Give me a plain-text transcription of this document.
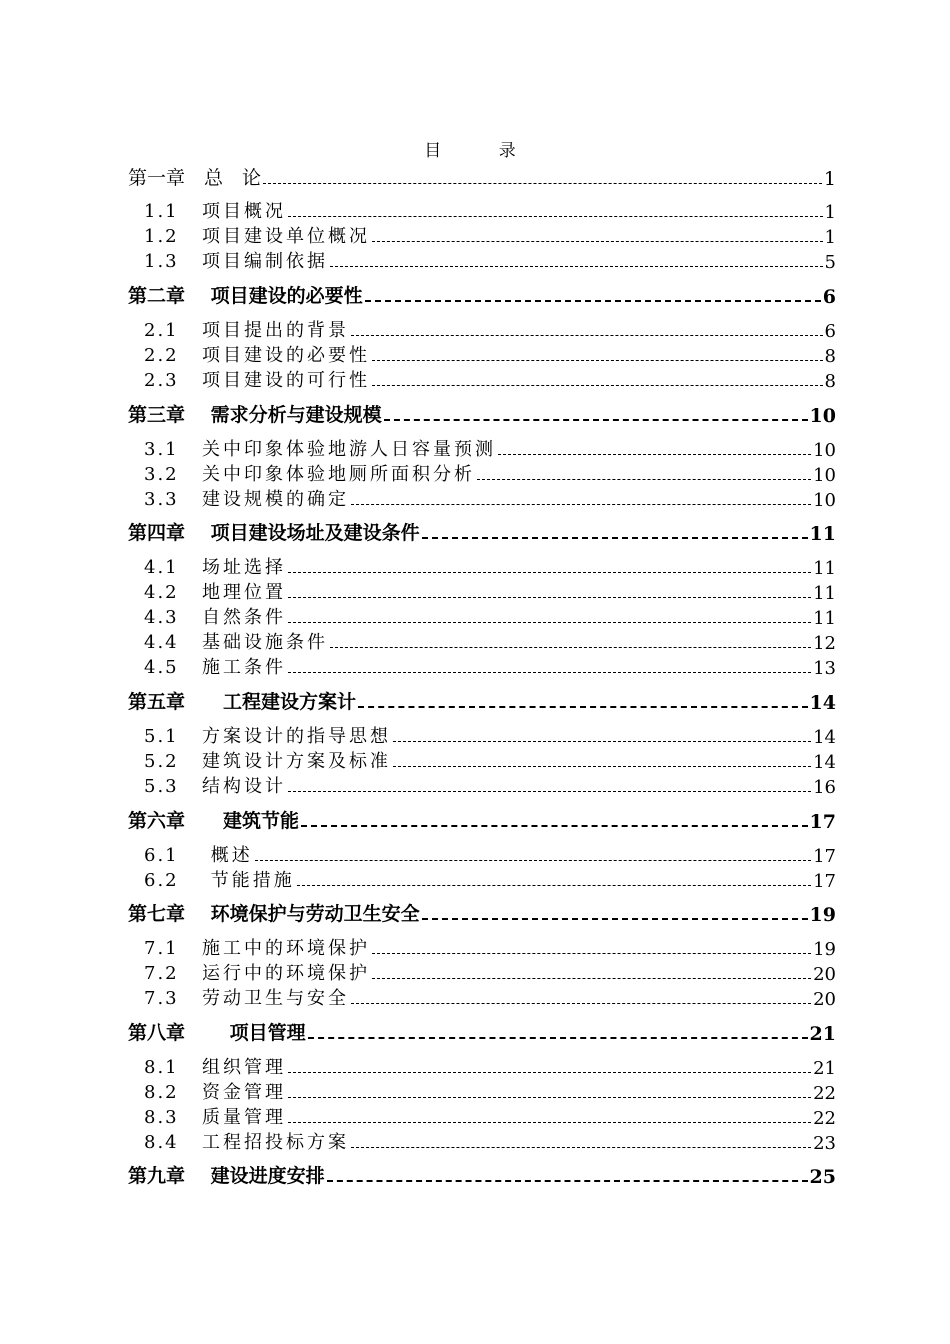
目 录
第一章　总　论	1
1.1 项目概况	1
1.2 项目建设单位概况	1
1.3 项目编制依据	5
第二章　 项目建设的必要性	6
2.1 项目提出的背景	6
2.2 项目建设的必要性	8
2.3 项目建设的可行性	8
第三章　 需求分析与建设规模	10
3.1 关中印象体验地游人日容量预测	10
3.2 关中印象体验地厕所面积分析	10
3.3 建设规模的确定	10
第四章　 项目建设场址及建设条件	11
4.1 场址选择	11
4.2 地理位置	11
4.3 自然条件	11
4.4 基础设施条件	12
4.5 施工条件	13
第五章　　工程建设方案计	14
5.1 方案设计的指导思想	14
5.2 建筑设计方案及标准	14
5.3 结构设计	16
第六章　　建筑节能	17
6.1 概述	17
6.2 节能措施	17
第七章　 环境保护与劳动卫生安全	19
7.1 施工中的环境保护	19
7.2 运行中的环境保护	20
7.3 劳动卫生与安全	20
第八章　　 项目管理	21
8.1 组织管理	21
8.2 资金管理	22
8.3 质量管理	22
8.4 工程招投标方案	23
第九章　 建设进度安排	25
